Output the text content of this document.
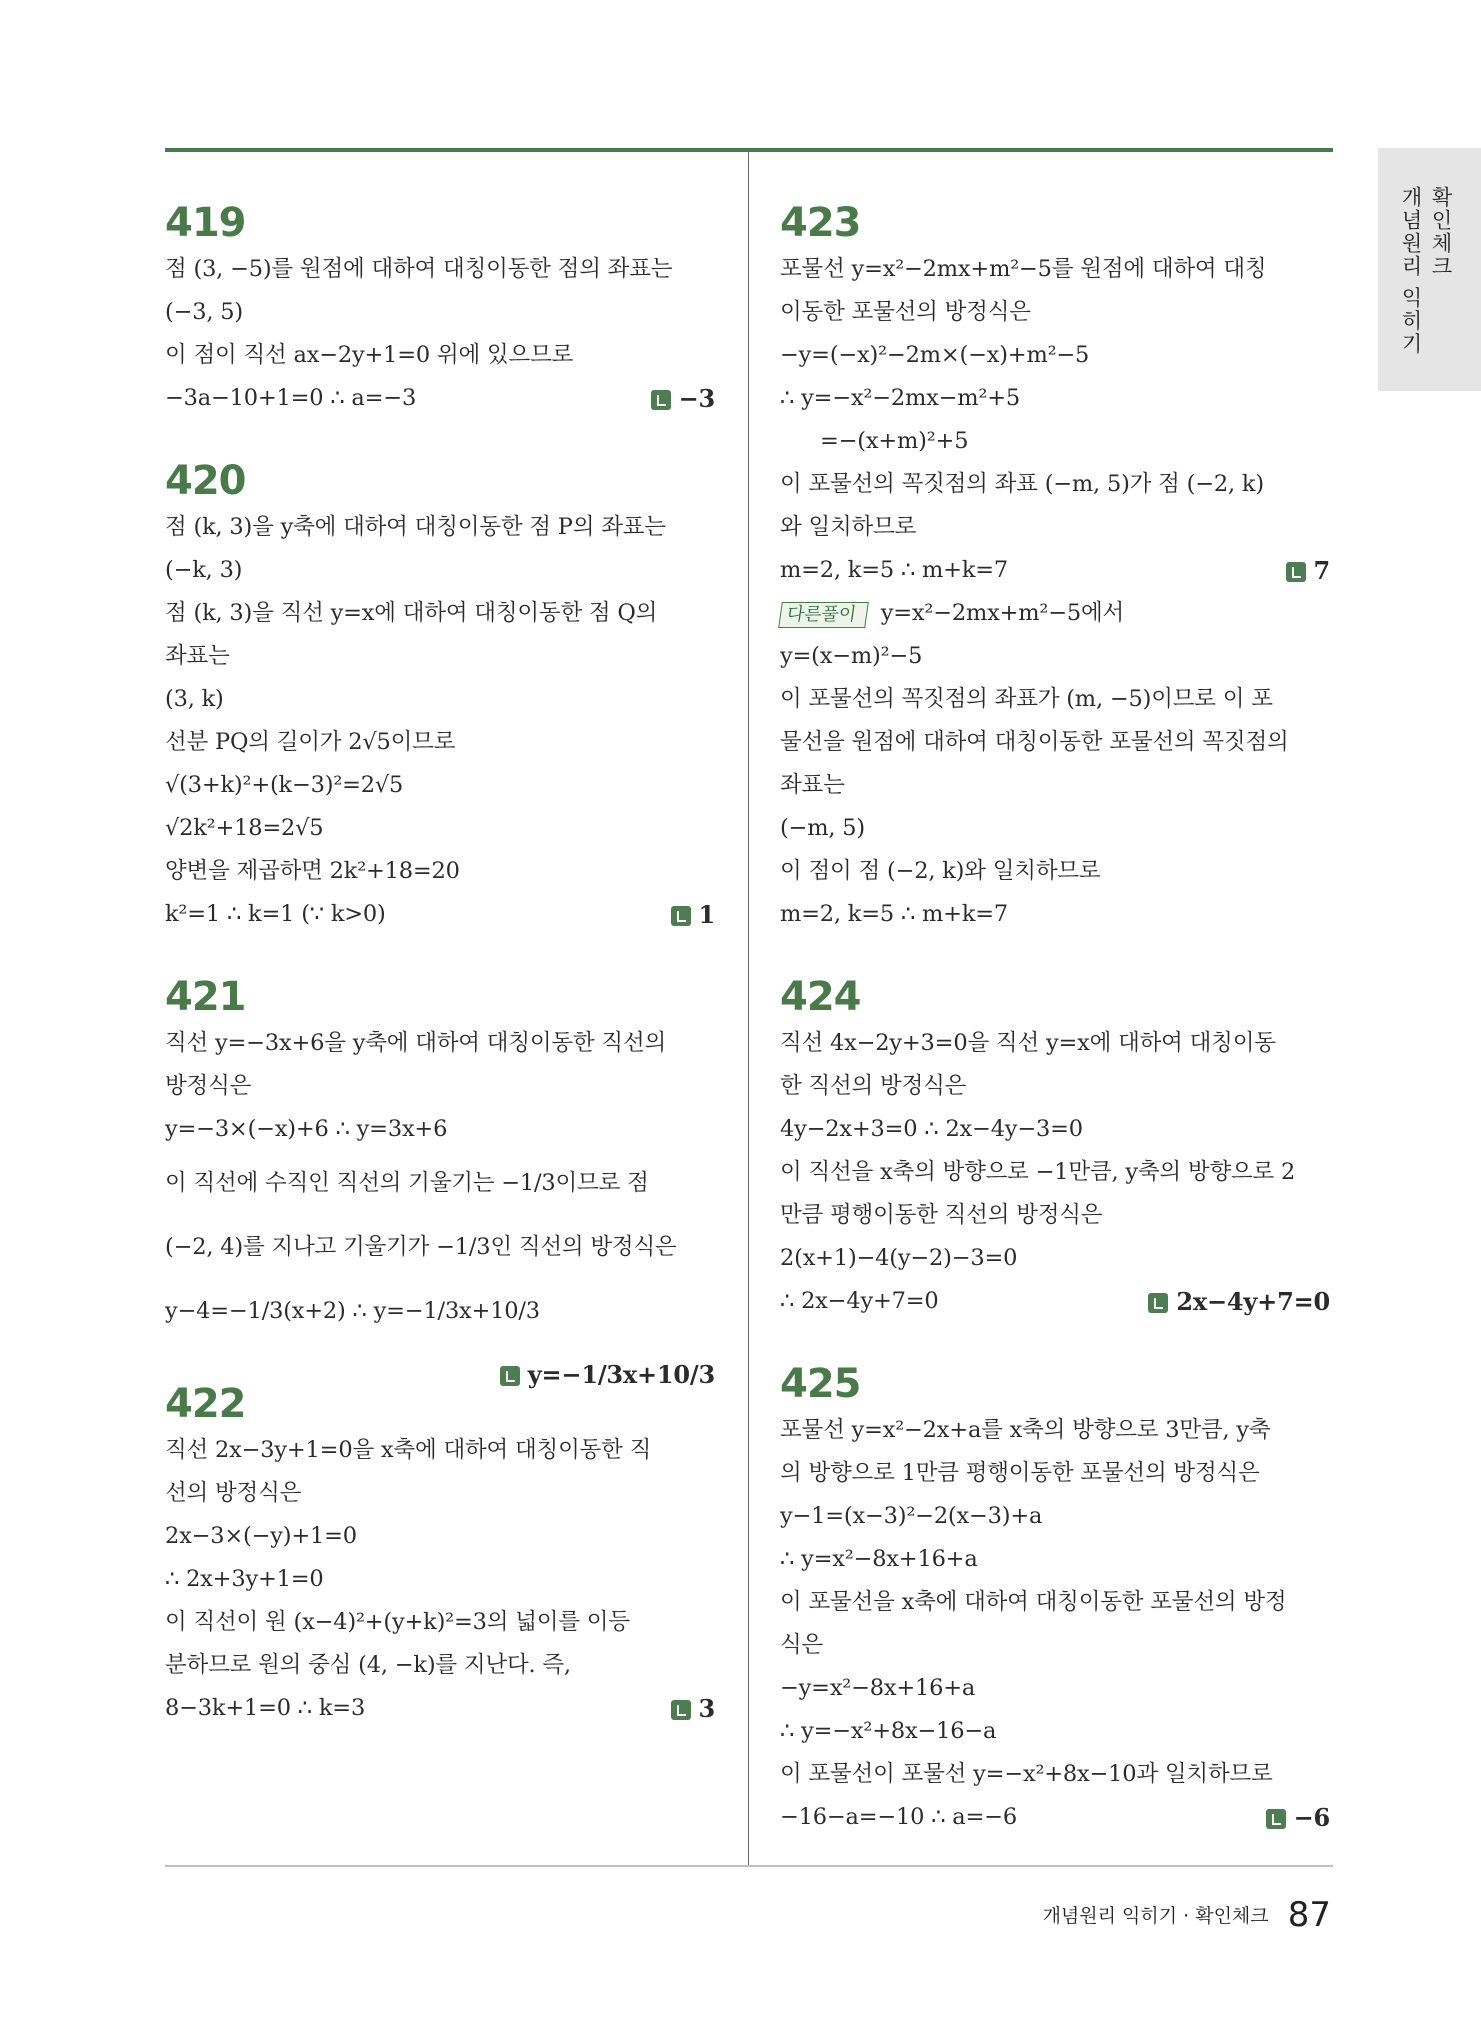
확인체크
개념원리 익히기
419
점 (3, −5)를 원점에 대하여 대칭이동한 점의 좌표는
(−3, 5)
이 점이 직선 ax−2y+1=0 위에 있으므로
−3a−10+1=0 ∴ a=−3	−3
420
점 (k, 3)을 y축에 대하여 대칭이동한 점 P의 좌표는
(−k, 3)
점 (k, 3)을 직선 y=x에 대하여 대칭이동한 점 Q의
좌표는
(3, k)
선분 PQ의 길이가 2√5이므로
√(3+k)²+(k−3)²=2√5
√2k²+18=2√5
양변을 제곱하면 2k²+18=20
k²=1 ∴ k=1 (∵ k>0)	1
421
직선 y=−3x+6을 y축에 대하여 대칭이동한 직선의
방정식은
y=−3×(−x)+6 ∴ y=3x+6
이 직선에 수직인 직선의 기울기는 −1/3이므로 점
(−2, 4)를 지나고 기울기가 −1/3인 직선의 방정식은
y−4=−1/3(x+2) ∴ y=−1/3x+10/3
y=−1/3x+10/3
422
직선 2x−3y+1=0을 x축에 대하여 대칭이동한 직
선의 방정식은
2x−3×(−y)+1=0
∴ 2x+3y+1=0
이 직선이 원 (x−4)²+(y+k)²=3의 넓이를 이등
분하므로 원의 중심 (4, −k)를 지난다. 즉,
8−3k+1=0 ∴ k=3	3
423
포물선 y=x²−2mx+m²−5를 원점에 대하여 대칭
이동한 포물선의 방정식은
−y=(−x)²−2m×(−x)+m²−5
∴ y=−x²−2mx−m²+5
=−(x+m)²+5
이 포물선의 꼭짓점의 좌표 (−m, 5)가 점 (−2, k)
와 일치하므로
m=2, k=5 ∴ m+k=7	7
다른풀이 y=x²−2mx+m²−5에서
y=(x−m)²−5
이 포물선의 꼭짓점의 좌표가 (m, −5)이므로 이 포
물선을 원점에 대하여 대칭이동한 포물선의 꼭짓점의
좌표는
(−m, 5)
이 점이 점 (−2, k)와 일치하므로
m=2, k=5 ∴ m+k=7
424
직선 4x−2y+3=0을 직선 y=x에 대하여 대칭이동
한 직선의 방정식은
4y−2x+3=0 ∴ 2x−4y−3=0
이 직선을 x축의 방향으로 −1만큼, y축의 방향으로 2
만큼 평행이동한 직선의 방정식은
2(x+1)−4(y−2)−3=0
∴ 2x−4y+7=0	2x−4y+7=0
425
포물선 y=x²−2x+a를 x축의 방향으로 3만큼, y축
의 방향으로 1만큼 평행이동한 포물선의 방정식은
y−1=(x−3)²−2(x−3)+a
∴ y=x²−8x+16+a
이 포물선을 x축에 대하여 대칭이동한 포물선의 방정
식은
−y=x²−8x+16+a
∴ y=−x²+8x−16−a
이 포물선이 포물선 y=−x²+8x−10과 일치하므로
−16−a=−10 ∴ a=−6	−6
개념원리 익히기 · 확인체크 87
